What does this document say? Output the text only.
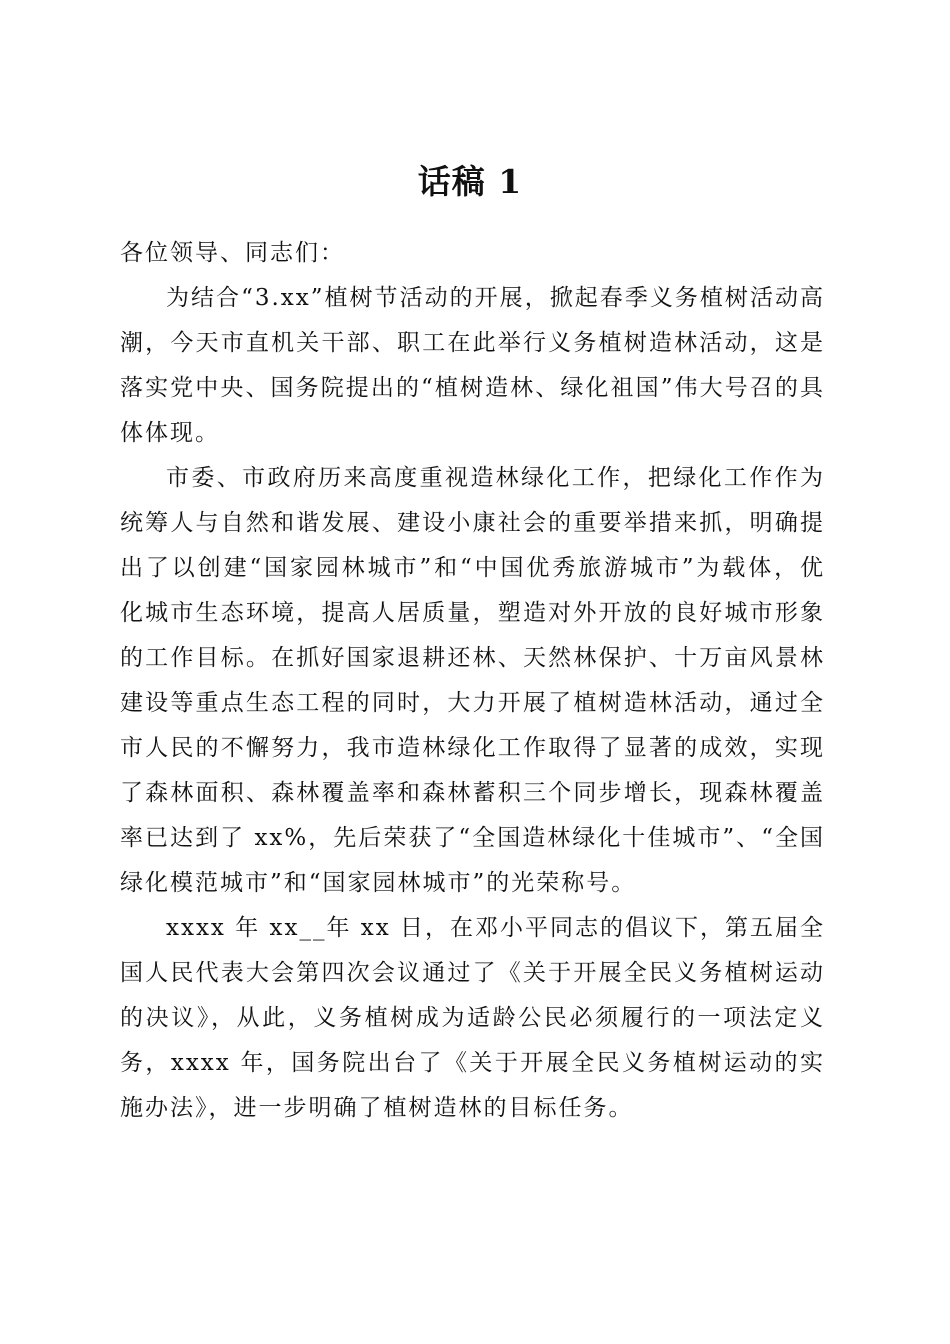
话稿 1

各位领导、同志们：

为结合“3.xx”植树节活动的开展，掀起春季义务植树活动高潮，今天市直机关干部、职工在此举行义务植树造林活动，这是落实党中央、国务院提出的“植树造林、绿化祖国”伟大号召的具体体现。

市委、市政府历来高度重视造林绿化工作，把绿化工作作为统筹人与自然和谐发展、建设小康社会的重要举措来抓，明确提出了以创建“国家园林城市”和“中国优秀旅游城市”为载体，优化城市生态环境，提高人居质量，塑造对外开放的良好城市形象的工作目标。在抓好国家退耕还林、天然林保护、十万亩风景林建设等重点生态工程的同时，大力开展了植树造林活动，通过全市人民的不懈努力，我市造林绿化工作取得了显著的成效，实现了森林面积、森林覆盖率和森林蓄积三个同步增长，现森林覆盖率已达到了 xx%，先后荣获了“全国造林绿化十佳城市”、“全国绿化模范城市”和“国家园林城市”的光荣称号。

xxxx 年 xx__年 xx 日，在邓小平同志的倡议下，第五届全国人民代表大会第四次会议通过了《关于开展全民义务植树运动的决议》，从此，义务植树成为适龄公民必须履行的一项法定义务，xxxx 年，国务院出台了《关于开展全民义务植树运动的实施办法》，进一步明确了植树造林的目标任务。
